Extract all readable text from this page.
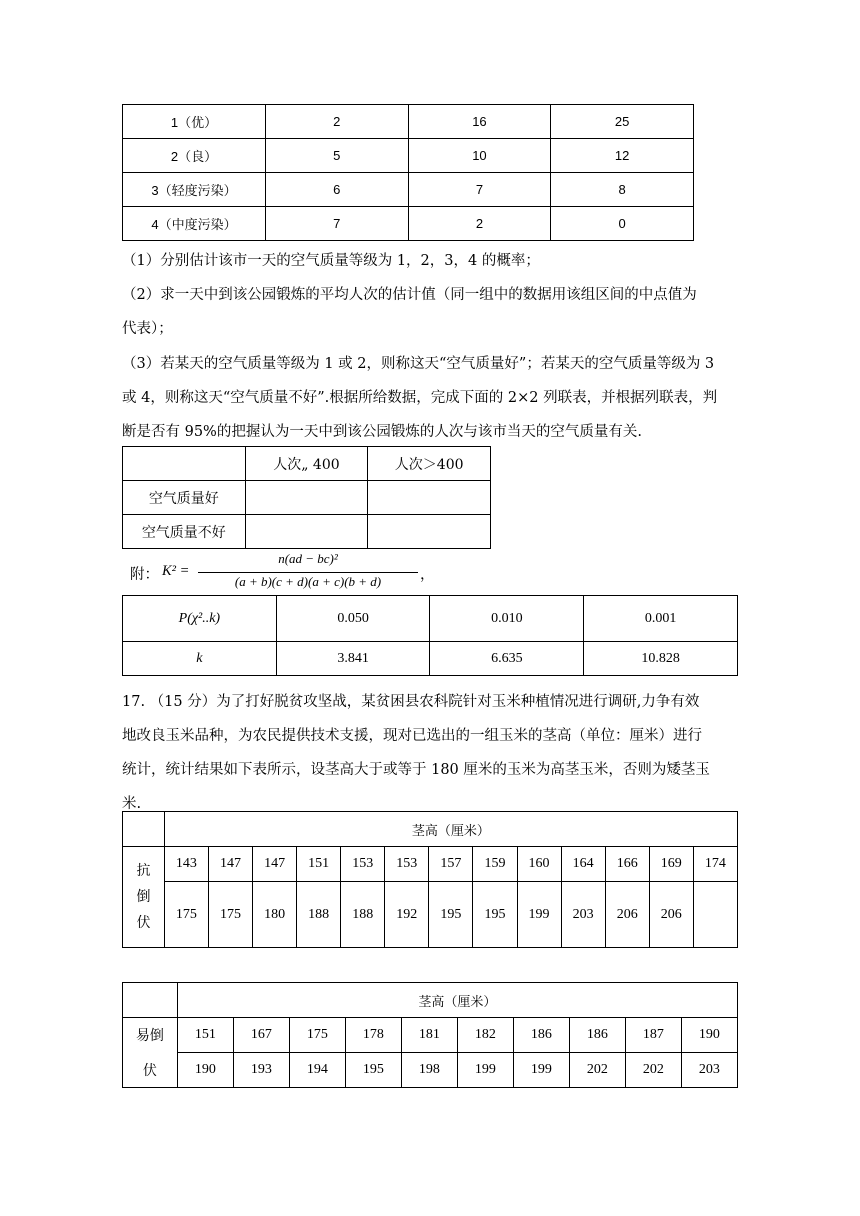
1（优）	2	16	25
2（良）	5	10	12
3（轻度污染）	6	7	8
4（中度污染）	7	2	0
（1）分别估计该市一天的空气质量等级为 1，2，3，4 的概率；
（2）求一天中到该公园锻炼的平均人次的估计值（同一组中的数据用该组区间的中点值为
代表）；
（3）若某天的空气质量等级为 1 或 2，则称这天“空气质量好”；若某天的空气质量等级为 3
或 4，则称这天“空气质量不好”.根据所给数据，完成下面的 2×2 列联表，并根据列联表，判
断是否有 95%的把握认为一天中到该公园锻炼的人次与该市当天的空气质量有关.
	人次„ 400	人次＞400
空气质量好		
空气质量不好		
附： K² =
n(ad − bc)²
(a + b)(c + d)(a + c)(b + d)	，
P(χ²..k)	0.050	0.010	0.001
k	3.841	6.635	10.828
17. （15 分）为了打好脱贫攻坚战，某贫困县农科院针对玉米种植情况进行调研,力争有效
地改良玉米品种，为农民提供技术支援，现对已选出的一组玉米的茎高（单位：厘米）进行
统计，统计结果如下表所示，设茎高大于或等于 180 厘米的玉米为高茎玉米，否则为矮茎玉
米.
	茎高（厘米）												

抗
倒
伏	143	147	147	151	153	153	157	159	160	164	166	169	174
	175	175	180	188	188	192	195	195	199	203	206	206	
	茎高（厘米）									
易倒	151	167	175	178	181	182	186	186	187	190
伏	190	193	194	195	198	199	199	202	202	203
